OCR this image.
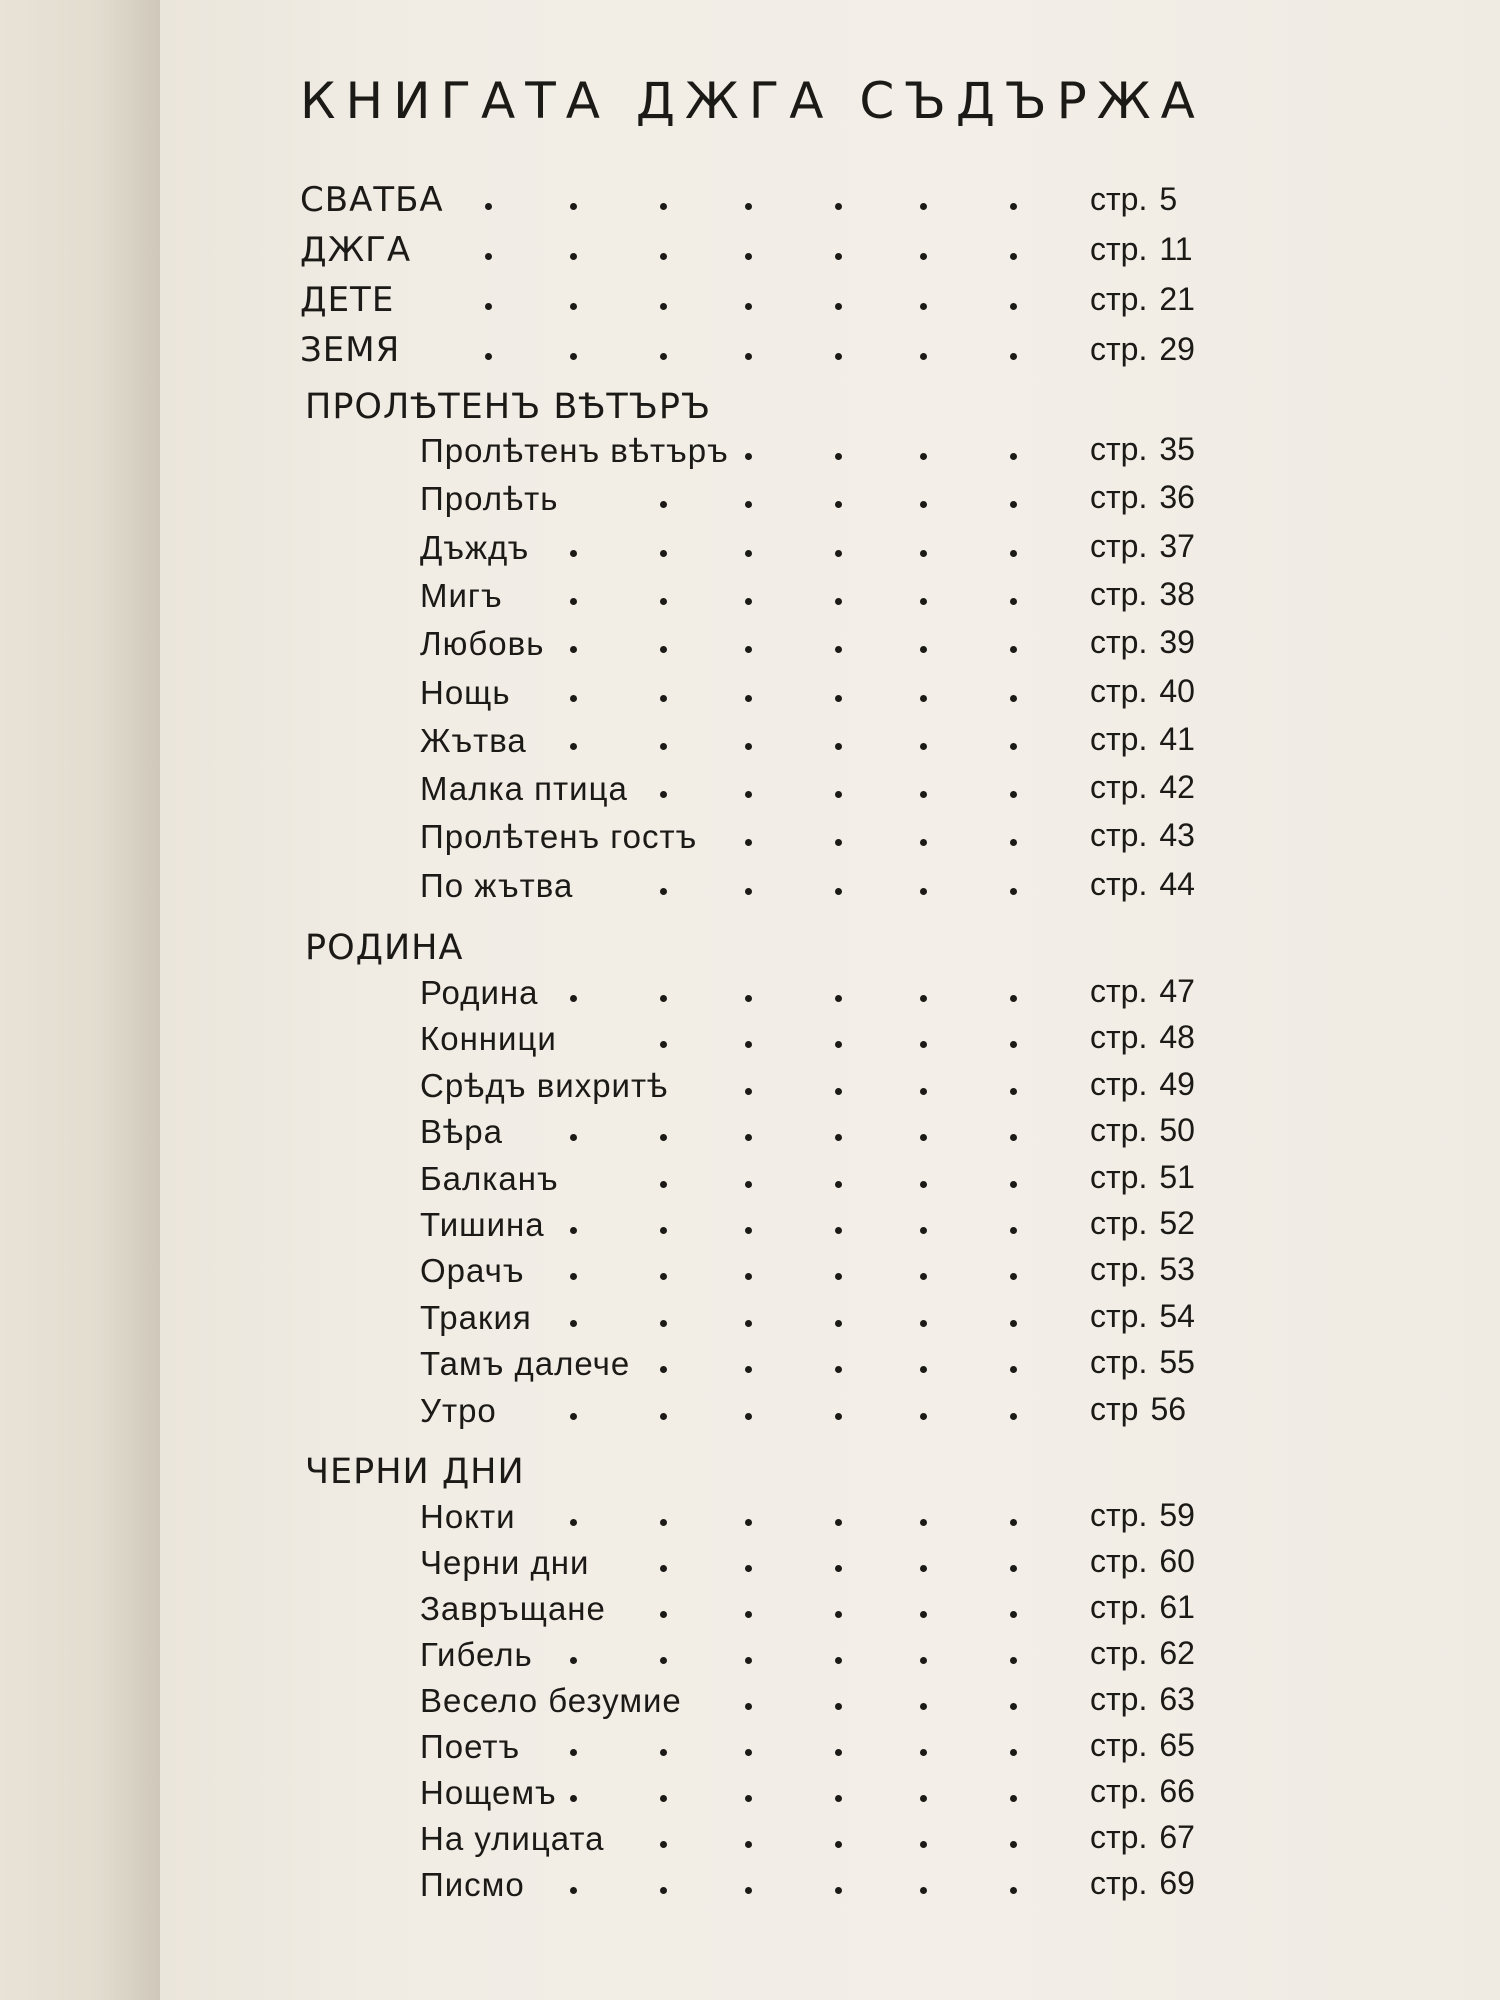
КНИГАТА ДЖГА СЪДЪРЖА
СВАТБА	стр. 5
ДЖГА	стр. 11
ДЕТЕ	стр. 21
ЗЕМЯ	стр. 29
ПРОЛѢТЕНЪ ВѢТЪРЪ
Пролѣтенъ вѣтъръ	стр. 35
Пролѣть	стр. 36
Дъждъ	стр. 37
Мигъ	стр. 38
Любовь	стр. 39
Нощь	стр. 40
Жътва	стр. 41
Малка птица	стр. 42
Пролѣтенъ гостъ	стр. 43
По жътва	стр. 44
РОДИНА
Родина	стр. 47
Конници	стр. 48
Срѣдъ вихритѣ	стр. 49
Вѣра	стр. 50
Балканъ	стр. 51
Тишина	стр. 52
Орачъ	стр. 53
Тракия	стр. 54
Тамъ далече	стр. 55
Утро	стр 56
ЧЕРНИ ДНИ
Нокти	стр. 59
Черни дни	стр. 60
Завръщане	стр. 61
Гибель	стр. 62
Весело безумие	стр. 63
Поетъ	стр. 65
Нощемъ	стр. 66
На улицата	стр. 67
Писмо	стр. 69
